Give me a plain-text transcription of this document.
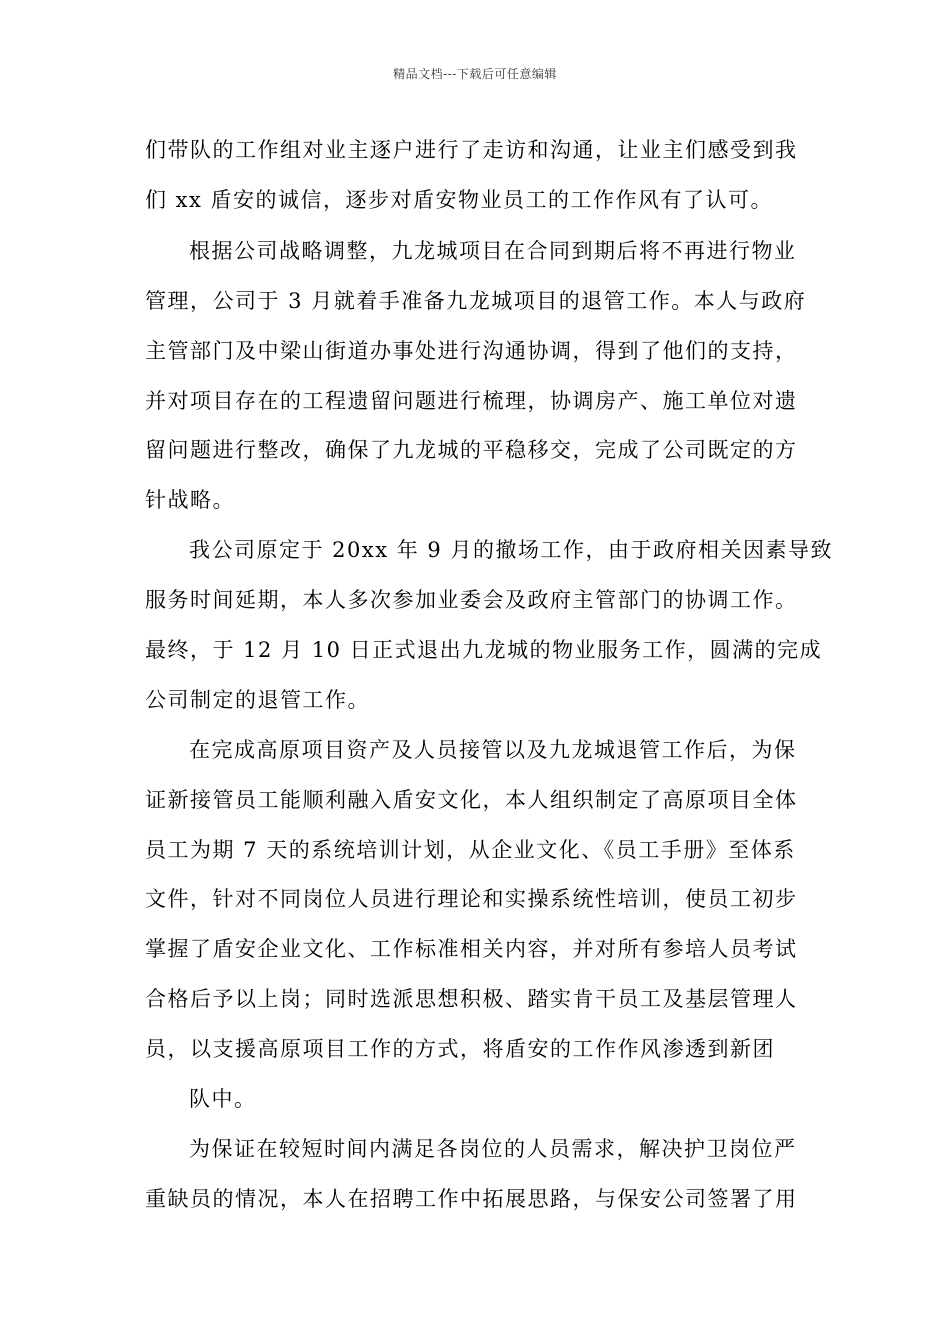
精品文档---下载后可任意编辑
们带队的工作组对业主逐户进行了走访和沟通，让业主们感受到我
们 xx 盾安的诚信，逐步对盾安物业员工的工作作风有了认可。
根据公司战略调整，九龙城项目在合同到期后将不再进行物业
管理，公司于 3 月就着手准备九龙城项目的退管工作。本人与政府
主管部门及中梁山街道办事处进行沟通协调，得到了他们的支持，
并对项目存在的工程遗留问题进行梳理，协调房产、施工单位对遗
留问题进行整改，确保了九龙城的平稳移交，完成了公司既定的方
针战略。
我公司原定于 20xx 年 9 月的撤场工作，由于政府相关因素导致
服务时间延期，本人多次参加业委会及政府主管部门的协调工作。
最终，于 12 月 10 日正式退出九龙城的物业服务工作，圆满的完成
公司制定的退管工作。
在完成高原项目资产及人员接管以及九龙城退管工作后，为保
证新接管员工能顺利融入盾安文化，本人组织制定了高原项目全体
员工为期 7 天的系统培训计划，从企业文化、《员工手册》至体系
文件，针对不同岗位人员进行理论和实操系统性培训，使员工初步
掌握了盾安企业文化、工作标准相关内容，并对所有参培人员考试
合格后予以上岗；同时选派思想积极、踏实肯干员工及基层管理人
员，以支援高原项目工作的方式，将盾安的工作作风渗透到新团
队中。
为保证在较短时间内满足各岗位的人员需求，解决护卫岗位严
重缺员的情况，本人在招聘工作中拓展思路，与保安公司签署了用
